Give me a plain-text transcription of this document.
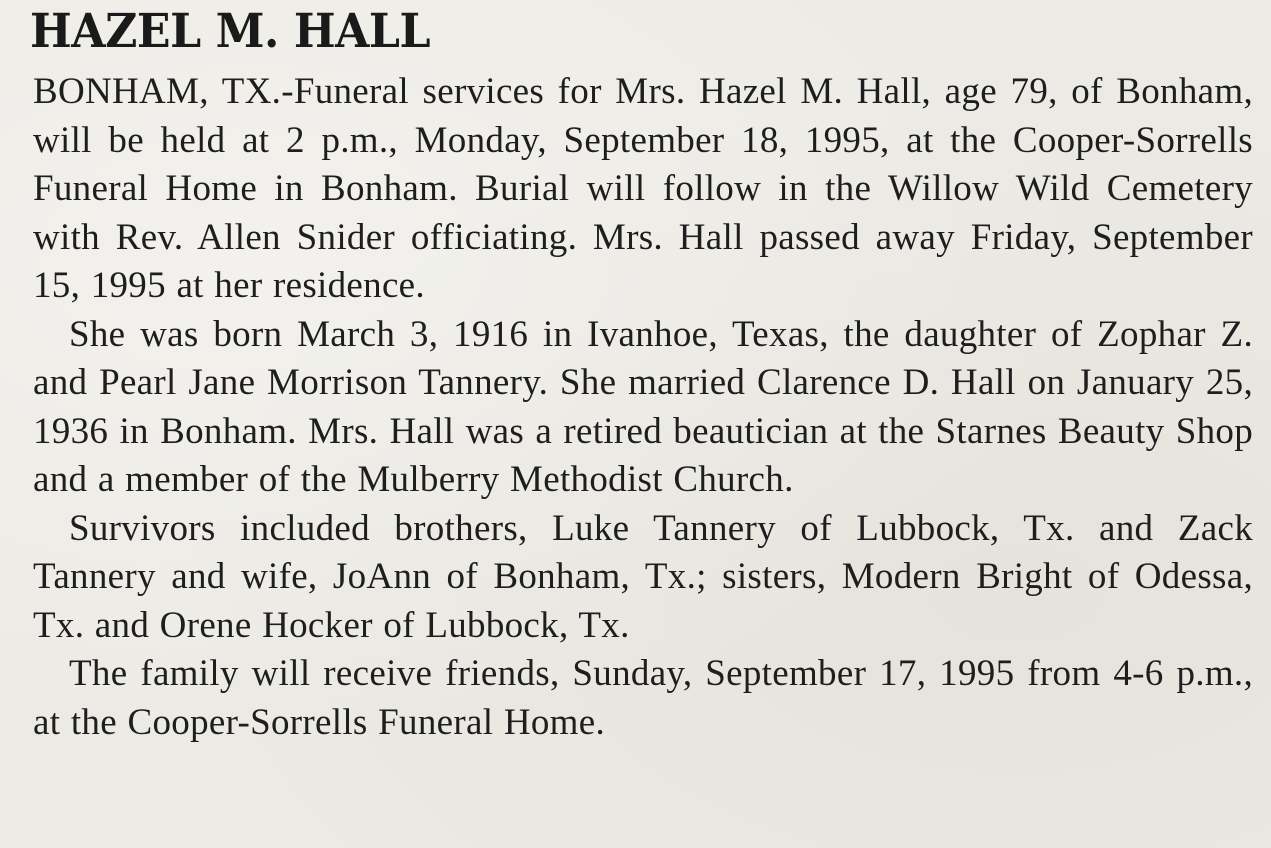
HAZEL M. HALL

BONHAM, TX.-Funeral services for Mrs. Hazel M. Hall, age 79, of Bonham, will be held at 2 p.m., Monday, September 18, 1995, at the Cooper-Sorrells Funeral Home in Bonham. Burial will follow in the Willow Wild Cemetery with Rev. Allen Snider officiating. Mrs. Hall passed away Friday, September 15, 1995 at her residence.

She was born March 3, 1916 in Ivanhoe, Texas, the daughter of Zophar Z. and Pearl Jane Morrison Tannery. She married Clarence D. Hall on January 25, 1936 in Bonham. Mrs. Hall was a retired beautician at the Starnes Beauty Shop and a member of the Mulberry Methodist Church.

Survivors included brothers, Luke Tannery of Lubbock, Tx. and Zack Tannery and wife, JoAnn of Bonham, Tx.; sisters, Modern Bright of Odessa, Tx. and Orene Hocker of Lubbock, Tx.

The family will receive friends, Sunday, September 17, 1995 from 4-6 p.m., at the Cooper-Sorrells Funeral Home.
